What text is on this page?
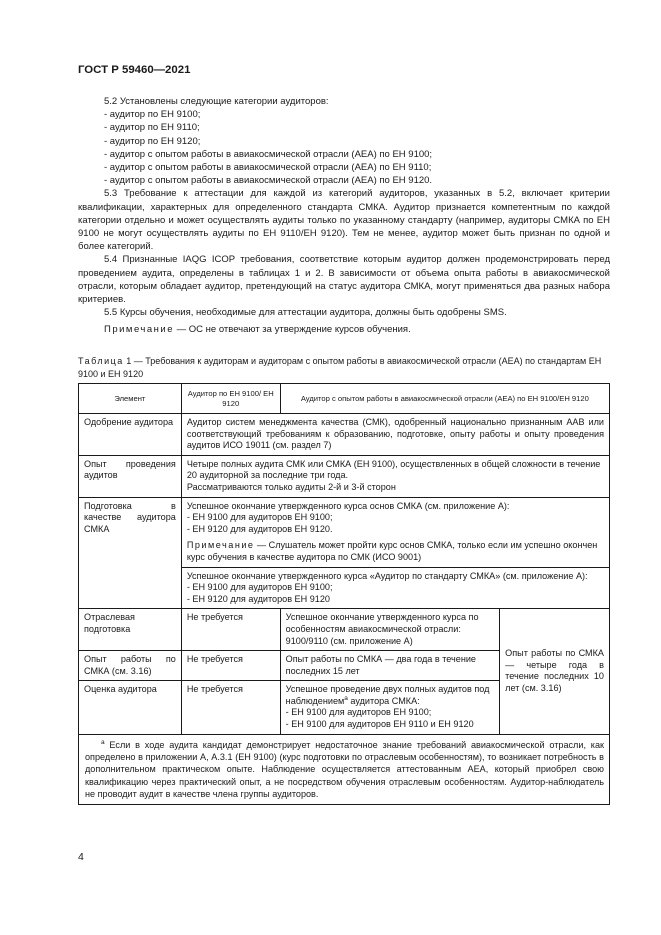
ГОСТ Р 59460—2021

5.2 Установлены следующие категории аудиторов:

- аудитор по ЕН 9100;

- аудитор по ЕН 9110;

- аудитор по ЕН 9120;

- аудитор с опытом работы в авиакосмической отрасли (AEA) по ЕН 9100;

- аудитор с опытом работы в авиакосмической отрасли (AEA) по ЕН 9110;

- аудитор с опытом работы в авиакосмической отрасли (AEA) по ЕН 9120.

5.3 Требование к аттестации для каждой из категорий аудиторов, указанных в 5.2, включает критерии квалификации, характерных для определенного стандарта СМКА. Аудитор признается компетентным по каждой категории отдельно и может осуществлять аудиты только по указанному стандарту (например, аудиторы СМКА по ЕН 9100 не могут осуществлять аудиты по ЕН 9110/ЕН 9120). Тем не менее, аудитор может быть признан по одной и более категорий.

5.4 Признанные IAQG ICOP требования, соответствие которым аудитор должен продемонстрировать перед проведением аудита, определены в таблицах 1 и 2. В зависимости от объема опыта работы в авиакосмической отрасли, которым обладает аудитор, претендующий на статус аудитора СМКА, могут применяться два разных набора критериев.

5.5 Курсы обучения, необходимые для аттестации аудитора, должны быть одобрены SMS.

Примечание — ОС не отвечают за утверждение курсов обучения.

Таблица 1 — Требования к аудиторам и аудиторам с опытом работы в авиакосмической отрасли (AEA) по стандартам ЕН 9100 и ЕН 9120
Элемент	Аудитор по ЕН 9100/ ЕН 9120	Аудитор с опытом работы в авиакосмической отрасли (AEA) по ЕН 9100/ЕН 9120	
Одобрение аудитора	Аудитор систем менеджмента качества (СМК), одобренный национально признанным AAB или соответствующий требованиям к образованию, подготовке, опыту работы и опыту проведения аудитов ИСО 19011 (см. раздел 7)		
Опыт проведения аудитов	Четыре полных аудита СМК или СМКА (ЕН 9100), осуществленных в общей сложности в течение 20 аудиторной за последние три года.
Рассматриваются только аудиты 2-й и 3-й сторон		

Подготовка в качестве аудитора СМКА	Успешное окончание утвержденного курса основ СМКА (см. приложение А):
- ЕН 9100 для аудиторов ЕН 9100;
- ЕН 9120 для аудиторов ЕН 9120.
Примечание — Слушатель может пройти курс основ СМКА, только если им успешно окончен курс обучения в качестве аудитора по СМК (ИСО 9001)		

	Успешное окончание утвержденного курса «Аудитор по стандарту СМКА» (см. приложение А):
- ЕН 9100 для аудиторов ЕН 9100;
- ЕН 9120 для аудиторов ЕН 9120		

Отраслевая подготовка	Не требуется	Успешное окончание утвержденного курса по особенностям авиакосмической отрасли: 9100/9110 (см. приложение А)	Опыт работы по СМКА — четыре года в течение последних 10 лет (см. 3.16)
Опыт работы по СМКА (см. 3.16)	Не требуется	Опыт работы по СМКА — два года в течение последних 15 лет	
Оценка аудитора	Не требуется	Успешное проведение двух полных аудитов под наблюдением$^a$ аудитора СМКА:
- ЕН 9100 для аудиторов ЕН 9100;
- ЕН 9100 для аудиторов ЕН 9110 и ЕН 9120	

$^a$ Если в ходе аудита кандидат демонстрирует недостаточное знание требований авиакосмической отрасли, как определено в приложении А, А.3.1 (ЕН 9100) (курс подготовки по отраслевым особенностям), то возникает потребность в дополнительном практическом опыте. Наблюдение осуществляется аттестованным AEA, который приобрел свою квалификацию через практический опыт, а не посредством обучения отраслевым особенностям. Аудитор-наблюдатель не проводит аудит в качестве члена группы аудиторов.			
4
